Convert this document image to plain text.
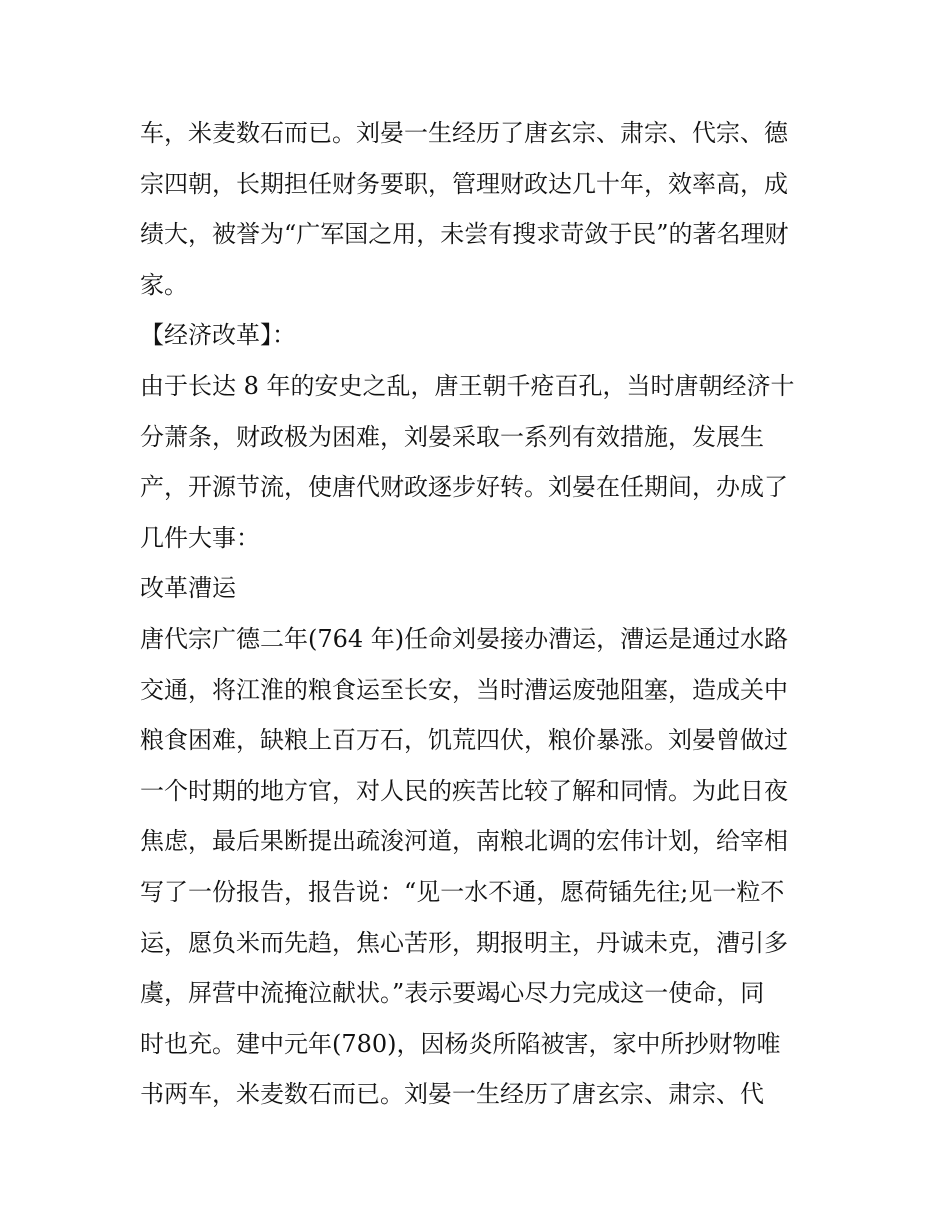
车，米麦数石而已。刘晏一生经历了唐玄宗、肃宗、代宗、德
宗四朝，长期担任财务要职，管理财政达几十年，效率高，成
绩大，被誉为“广军国之用，未尝有搜求苛敛于民”的著名理财
家。
【经济改革】：
由于长达 8 年的安史之乱，唐王朝千疮百孔，当时唐朝经济十
分萧条，财政极为困难，刘晏采取一系列有效措施，发展生
产，开源节流，使唐代财政逐步好转。刘晏在任期间，办成了
几件大事：
改革漕运
唐代宗广德二年(764 年)任命刘晏接办漕运，漕运是通过水路
交通，将江淮的粮食运至长安，当时漕运废弛阻塞，造成关中
粮食困难，缺粮上百万石，饥荒四伏，粮价暴涨。刘晏曾做过
一个时期的地方官，对人民的疾苦比较了解和同情。为此日夜
焦虑，最后果断提出疏浚河道，南粮北调的宏伟计划，给宰相
写了一份报告，报告说：“见一水不通，愿荷锸先往;见一粒不
运，愿负米而先趋，焦心苦形，期报明主，丹诚未克，漕引多
虞，屏营中流掩泣献状。”表示要竭心尽力完成这一使命，同
时也充。建中元年(780)，因杨炎所陷被害，家中所抄财物唯
书两车，米麦数石而已。刘晏一生经历了唐玄宗、肃宗、代
